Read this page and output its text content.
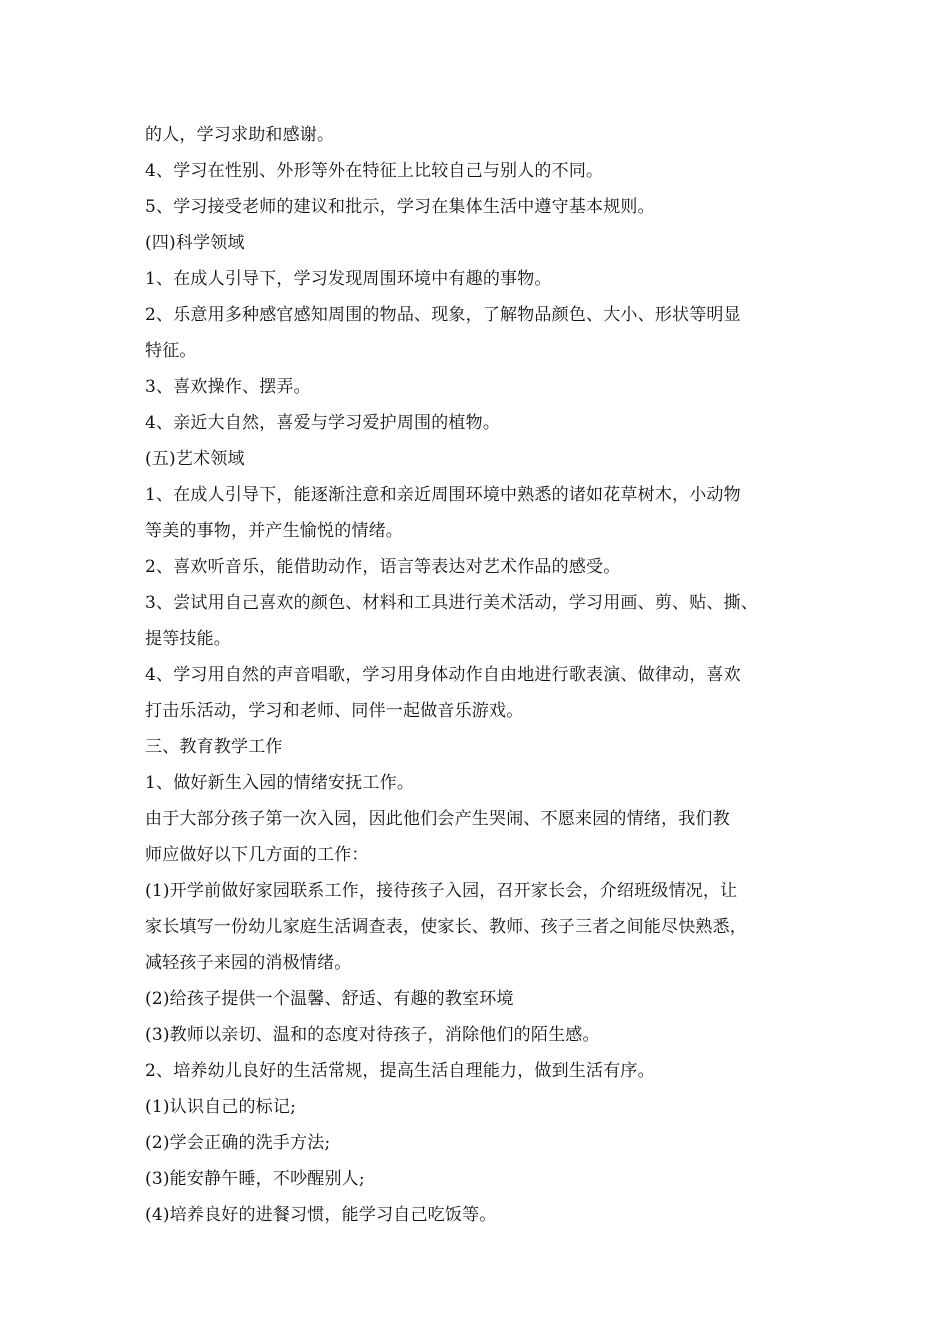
的人，学习求助和感谢。
4、学习在性别、外形等外在特征上比较自己与别人的不同。
5、学习接受老师的建议和批示，学习在集体生活中遵守基本规则。
(四)科学领域
1、在成人引导下，学习发现周围环境中有趣的事物。
2、乐意用多种感官感知周围的物品、现象，了解物品颜色、大小、形状等明显
特征。
3、喜欢操作、摆弄。
4、亲近大自然，喜爱与学习爱护周围的植物。
(五)艺术领域
1、在成人引导下，能逐渐注意和亲近周围环境中熟悉的诸如花草树木，小动物
等美的事物，并产生愉悦的情绪。
2、喜欢听音乐，能借助动作，语言等表达对艺术作品的感受。
3、尝试用自己喜欢的颜色、材料和工具进行美术活动，学习用画、剪、贴、撕、
提等技能。
4、学习用自然的声音唱歌，学习用身体动作自由地进行歌表演、做律动，喜欢
打击乐活动，学习和老师、同伴一起做音乐游戏。
三、教育教学工作
1、做好新生入园的情绪安抚工作。
由于大部分孩子第一次入园，因此他们会产生哭闹、不愿来园的情绪，我们教
师应做好以下几方面的工作：
(1)开学前做好家园联系工作，接待孩子入园，召开家长会，介绍班级情况，让
家长填写一份幼儿家庭生活调查表，使家长、教师、孩子三者之间能尽快熟悉，
减轻孩子来园的消极情绪。
(2)给孩子提供一个温馨、舒适、有趣的教室环境
(3)教师以亲切、温和的态度对待孩子，消除他们的陌生感。
2、培养幼儿良好的生活常规，提高生活自理能力，做到生活有序。
(1)认识自己的标记;
(2)学会正确的洗手方法;
(3)能安静午睡，不吵醒别人;
(4)培养良好的进餐习惯，能学习自己吃饭等。
